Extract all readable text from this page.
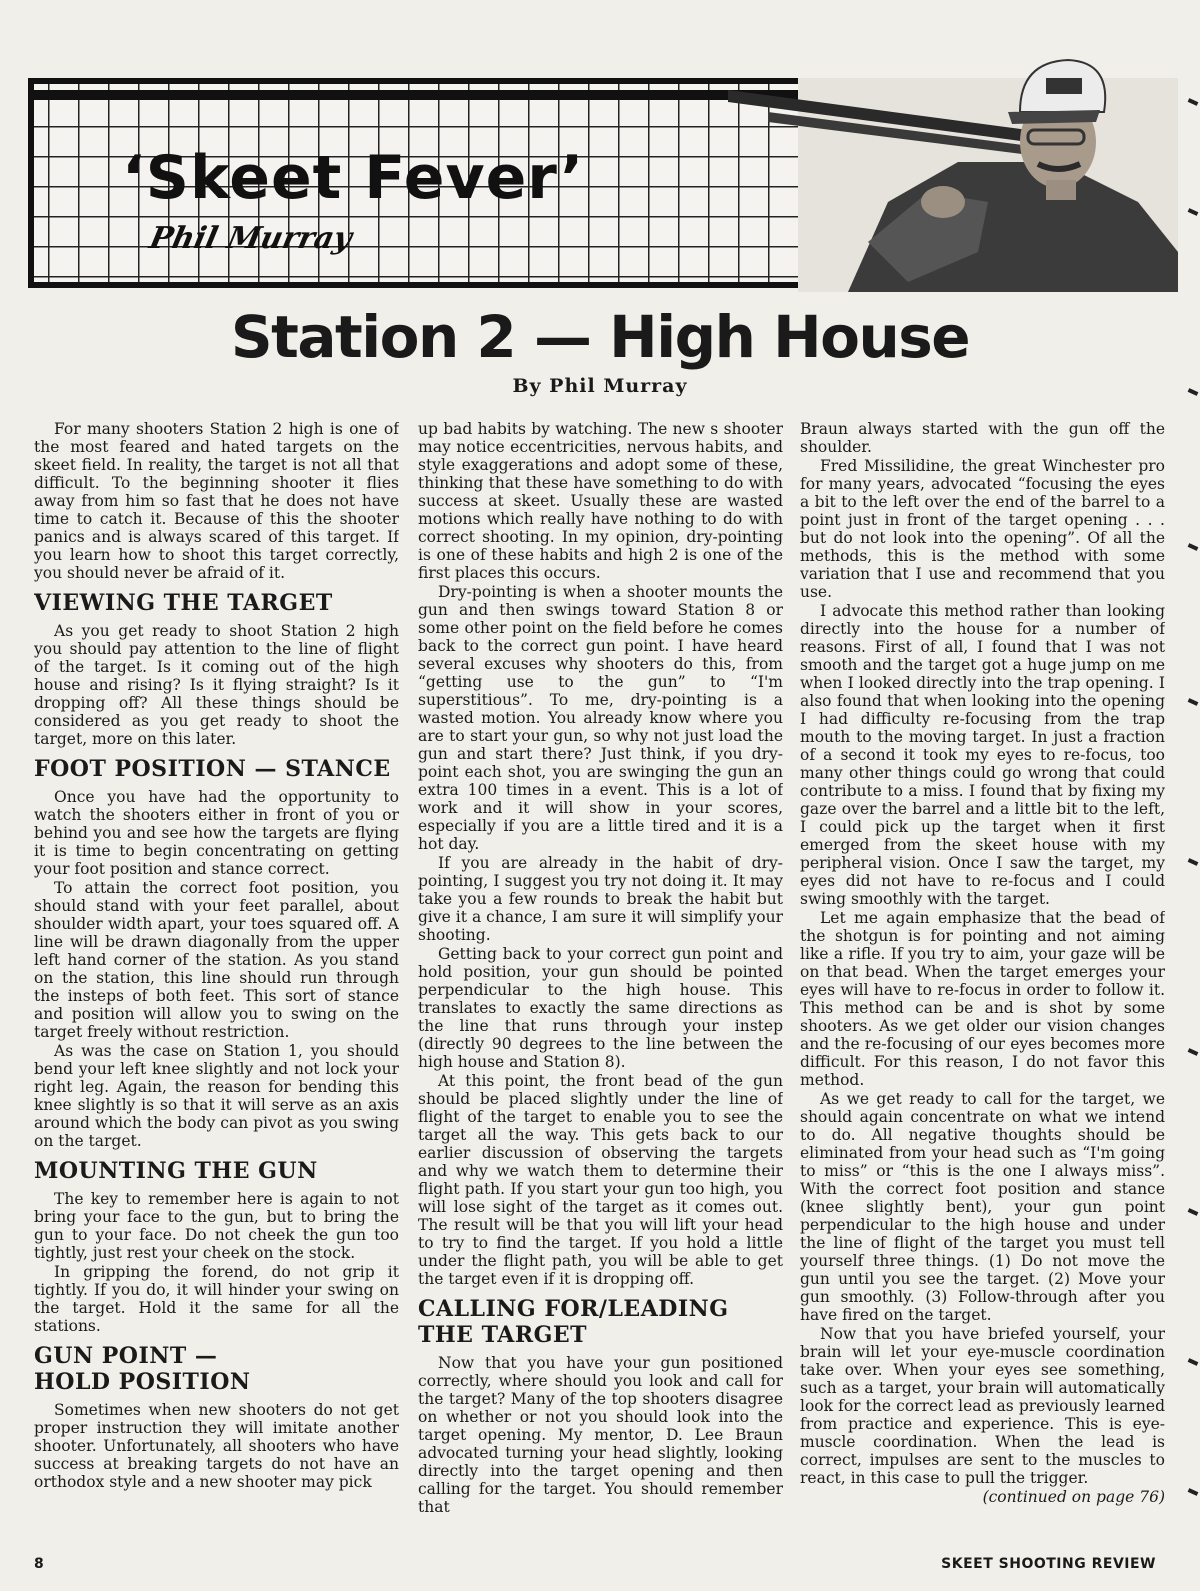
‘Skeet Fever’
Phil Murray
Station 2 — High House
By Phil Murray

For many shooters Station 2 high is one of the most feared and hated targets on the skeet field. In reality, the target is not all that difficult. To the beginning shooter it flies away from him so fast that he does not have time to catch it. Because of this the shooter panics and is always scared of this target. If you learn how to shoot this target correctly, you should never be afraid of it.

VIEWING THE TARGET

As you get ready to shoot Station 2 high you should pay attention to the line of flight of the target. Is it coming out of the high house and rising? Is it flying straight? Is it dropping off? All these things should be considered as you get ready to shoot the target, more on this later.

FOOT POSITION — STANCE

Once you have had the opportunity to watch the shooters either in front of you or behind you and see how the targets are flying it is time to begin concentrating on getting your foot position and stance correct.

To attain the correct foot position, you should stand with your feet parallel, about shoulder width apart, your toes squared off. A line will be drawn diagonally from the upper left hand corner of the station. As you stand on the station, this line should run through the insteps of both feet. This sort of stance and position will allow you to swing on the target freely without restriction.

As was the case on Station 1, you should bend your left knee slightly and not lock your right leg. Again, the reason for bending this knee slightly is so that it will serve as an axis around which the body can pivot as you swing on the target.

MOUNTING THE GUN

The key to remember here is again to not bring your face to the gun, but to bring the gun to your face. Do not cheek the gun too tightly, just rest your cheek on the stock.

In gripping the forend, do not grip it tightly. If you do, it will hinder your swing on the target. Hold it the same for all the stations.

GUN POINT —
HOLD POSITION

Sometimes when new shooters do not get proper instruction they will imitate another shooter. Unfortunately, all shooters who have success at breaking targets do not have an orthodox style and a new shooter may pick

up bad habits by watching. The new s shooter may notice eccentricities, nervous habits, and style exaggerations and adopt some of these, thinking that these have something to do with success at skeet. Usually these are wasted motions which really have nothing to do with correct shooting. In my opinion, dry-pointing is one of these habits and high 2 is one of the first places this occurs.

Dry-pointing is when a shooter mounts the gun and then swings toward Station 8 or some other point on the field before he comes back to the correct gun point. I have heard several excuses why shooters do this, from “getting use to the gun” to “I'm superstitious”. To me, dry-pointing is a wasted motion. You already know where you are to start your gun, so why not just load the gun and start there? Just think, if you dry-point each shot, you are swinging the gun an extra 100 times in a event. This is a lot of work and it will show in your scores, especially if you are a little tired and it is a hot day.

If you are already in the habit of dry-pointing, I suggest you try not doing it. It may take you a few rounds to break the habit but give it a chance, I am sure it will simplify your shooting.

Getting back to your correct gun point and hold position, your gun should be pointed perpendicular to the high house. This translates to exactly the same directions as the line that runs through your instep (directly 90 degrees to the line between the high house and Station 8).

At this point, the front bead of the gun should be placed slightly under the line of flight of the target to enable you to see the target all the way. This gets back to our earlier discussion of observing the targets and why we watch them to determine their flight path. If you start your gun too high, you will lose sight of the target as it comes out. The result will be that you will lift your head to try to find the target. If you hold a little under the flight path, you will be able to get the target even if it is dropping off.

CALLING FOR/LEADING
THE TARGET

Now that you have your gun positioned correctly, where should you look and call for the target? Many of the top shooters disagree on whether or not you should look into the target opening. My mentor, D. Lee Braun advocated turning your head slightly, looking directly into the target opening and then calling for the target. You should remember that

Braun always started with the gun off the shoulder.

Fred Missilidine, the great Winchester pro for many years, advocated “focusing the eyes a bit to the left over the end of the barrel to a point just in front of the target opening . . . but do not look into the opening”. Of all the methods, this is the method with some variation that I use and recommend that you use.

I advocate this method rather than looking directly into the house for a number of reasons. First of all, I found that I was not smooth and the target got a huge jump on me when I looked directly into the trap opening. I also found that when looking into the opening I had difficulty re-focusing from the trap mouth to the moving target. In just a fraction of a second it took my eyes to re-focus, too many other things could go wrong that could contribute to a miss. I found that by fixing my gaze over the barrel and a little bit to the left, I could pick up the target when it first emerged from the skeet house with my peripheral vision. Once I saw the target, my eyes did not have to re-focus and I could swing smoothly with the target.

Let me again emphasize that the bead of the shotgun is for pointing and not aiming like a rifle. If you try to aim, your gaze will be on that bead. When the target emerges your eyes will have to re-focus in order to follow it. This method can be and is shot by some shooters. As we get older our vision changes and the re-focusing of our eyes becomes more difficult. For this reason, I do not favor this method.

As we get ready to call for the target, we should again concentrate on what we intend to do. All negative thoughts should be eliminated from your head such as “I'm going to miss” or “this is the one I always miss”. With the correct foot position and stance (knee slightly bent), your gun point perpendicular to the high house and under the line of flight of the target you must tell yourself three things. (1) Do not move the gun until you see the target. (2) Move your gun smoothly. (3) Follow-through after you have fired on the target.

Now that you have briefed yourself, your brain will let your eye-muscle coordination take over. When your eyes see something, such as a target, your brain will automatically look for the correct lead as previously learned from practice and experience. This is eye-muscle coordination. When the lead is correct, impulses are sent to the muscles to react, in this case to pull the trigger.

(continued on page 76)

8	SKEET SHOOTING REVIEW
